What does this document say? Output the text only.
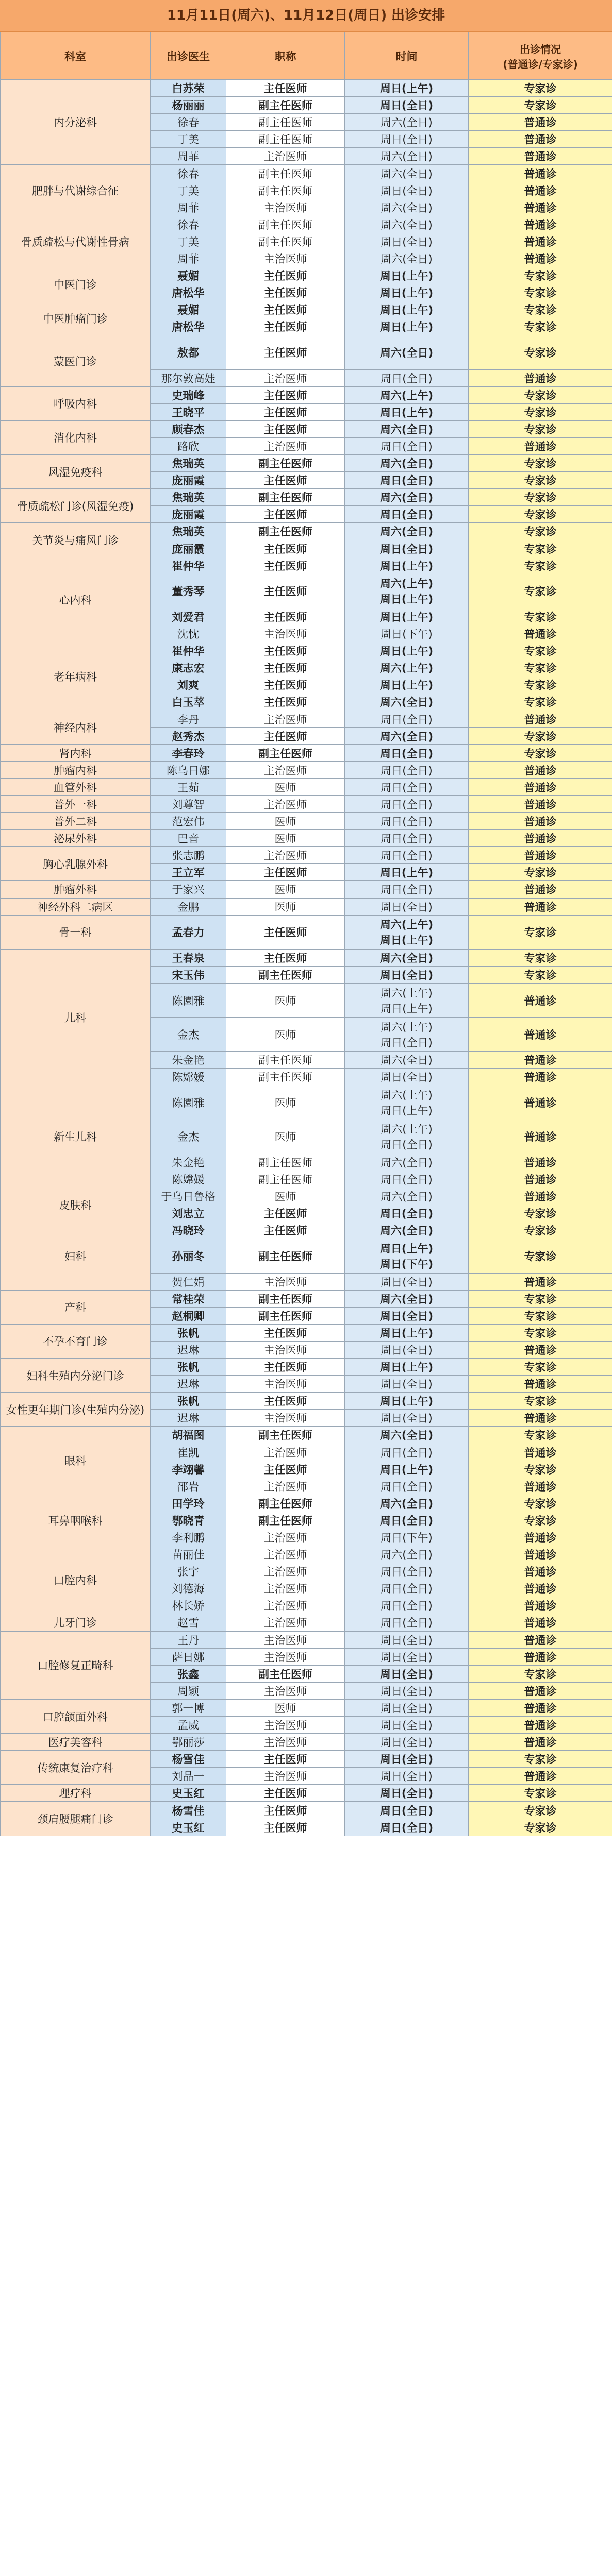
11月11日(周六)、11月12日(周日) 出诊安排
科室	出诊医生	职称	时间	出诊情况
(普通诊/专家诊)
内分泌科	白苏荣	主任医师	周日(上午)	专家诊
	杨丽丽	副主任医师	周日(全日)	专家诊
	徐春	副主任医师	周六(全日)	普通诊
	丁美	副主任医师	周日(全日)	普通诊
	周菲	主治医师	周六(全日)	普通诊
肥胖与代谢综合征	徐春	副主任医师	周六(全日)	普通诊
	丁美	副主任医师	周日(全日)	普通诊
	周菲	主治医师	周六(全日)	普通诊
骨质疏松与代谢性骨病	徐春	副主任医师	周六(全日)	普通诊
	丁美	副主任医师	周日(全日)	普通诊
	周菲	主治医师	周六(全日)	普通诊
中医门诊	聂媚	主任医师	周日(上午)	专家诊
	唐松华	主任医师	周日(上午)	专家诊
中医肿瘤门诊	聂媚	主任医师	周日(上午)	专家诊
	唐松华	主任医师	周日(上午)	专家诊
蒙医门诊	敖都	主任医师	周六(全日)	专家诊
	那尔敦高娃	主治医师	周日(全日)	普通诊
呼吸内科	史瑞峰	主任医师	周六(上午)	专家诊
	王晓平	主任医师	周日(上午)	专家诊
消化内科	顾春杰	主任医师	周六(全日)	专家诊
	路欣	主治医师	周日(全日)	普通诊
风湿免疫科	焦瑞英	副主任医师	周六(全日)	专家诊
	庞丽霞	主任医师	周日(全日)	专家诊
骨质疏松门诊(风湿免疫)	焦瑞英	副主任医师	周六(全日)	专家诊
	庞丽霞	主任医师	周日(全日)	专家诊
关节炎与痛风门诊	焦瑞英	副主任医师	周六(全日)	专家诊
	庞丽霞	主任医师	周日(全日)	专家诊
心内科	崔仲华	主任医师	周日(上午)	专家诊
	董秀琴	主任医师	周六(上午)
周日(上午)	专家诊
	刘爱君	主任医师	周日(上午)	专家诊
	沈忱	主治医师	周日(下午)	普通诊
老年病科	崔仲华	主任医师	周日(上午)	专家诊
	康志宏	主任医师	周六(上午)	专家诊
	刘爽	主任医师	周日(上午)	专家诊
	白玉萃	主任医师	周六(全日)	专家诊
神经内科	李丹	主治医师	周日(全日)	普通诊
	赵秀杰	主任医师	周六(全日)	专家诊
肾内科	李春玲	副主任医师	周日(全日)	专家诊
肿瘤内科	陈乌日娜	主治医师	周日(全日)	普通诊
血管外科	王茹	医师	周日(全日)	普通诊
普外一科	刘尊智	主治医师	周日(全日)	普通诊
普外二科	范宏伟	医师	周日(全日)	普通诊
泌尿外科	巴音	医师	周日(全日)	普通诊
胸心乳腺外科	张志鹏	主治医师	周日(全日)	普通诊
	王立军	主任医师	周日(上午)	专家诊
肿瘤外科	于家兴	医师	周日(全日)	普通诊
神经外科二病区	金鹏	医师	周日(全日)	普通诊
骨一科	孟春力	主任医师	周六(上午)
周日(上午)	专家诊
儿科	王春泉	主任医师	周六(全日)	专家诊
	宋玉伟	副主任医师	周日(全日)	专家诊
	陈園雅	医师	周六(上午)
周日(上午)	普通诊
	金杰	医师	周六(上午)
周日(全日)	普通诊
	朱金艳	副主任医师	周六(全日)	普通诊
	陈嫦媛	副主任医师	周日(全日)	普通诊
新生儿科	陈園雅	医师	周六(上午)
周日(上午)	普通诊
	金杰	医师	周六(上午)
周日(全日)	普通诊
	朱金艳	副主任医师	周六(全日)	普通诊
	陈嫦媛	副主任医师	周日(全日)	普通诊
皮肤科	于乌日鲁格	医师	周六(全日)	普通诊
	刘忠立	主任医师	周日(全日)	专家诊
妇科	冯晓玲	主任医师	周六(全日)	专家诊
	孙丽冬	副主任医师	周日(上午)
周日(下午)	专家诊
	贺仁娟	主治医师	周日(全日)	普通诊
产科	常桂荣	副主任医师	周六(全日)	专家诊
	赵桐卿	副主任医师	周日(全日)	专家诊
不孕不育门诊	张帆	主任医师	周日(上午)	专家诊
	迟琳	主治医师	周日(全日)	普通诊
妇科生殖内分泌门诊	张帆	主任医师	周日(上午)	专家诊
	迟琳	主治医师	周日(全日)	普通诊
女性更年期门诊(生殖内分泌)	张帆	主任医师	周日(上午)	专家诊
	迟琳	主治医师	周日(全日)	普通诊
眼科	胡福图	副主任医师	周六(全日)	专家诊
	崔凯	主治医师	周日(全日)	普通诊
	李翊馨	主任医师	周日(上午)	专家诊
	邵岩	主治医师	周日(全日)	普通诊
耳鼻咽喉科	田学玲	副主任医师	周六(全日)	专家诊
	鄂晓青	副主任医师	周日(全日)	专家诊
	李利鹏	主治医师	周日(下午)	普通诊
口腔内科	苗丽佳	主治医师	周六(全日)	普通诊
	张宇	主治医师	周日(全日)	普通诊
	刘德海	主治医师	周日(全日)	普通诊
	林长娇	主治医师	周日(全日)	普通诊
儿牙门诊	赵雪	主治医师	周日(全日)	普通诊
口腔修复正畸科	王丹	主治医师	周日(全日)	普通诊
	萨日娜	主治医师	周日(全日)	普通诊
	张鑫	副主任医师	周日(全日)	专家诊
	周颖	主治医师	周日(全日)	普通诊
口腔颌面外科	郭一博	医师	周日(全日)	普通诊
	孟威	主治医师	周日(全日)	普通诊
医疗美容科	鄂丽莎	主治医师	周日(全日)	普通诊
传统康复治疗科	杨雪佳	主任医师	周日(全日)	专家诊
	刘晶一	主治医师	周日(全日)	普通诊
理疗科	史玉红	主任医师	周日(全日)	专家诊
颈肩腰腿痛门诊	杨雪佳	主任医师	周日(全日)	专家诊
	史玉红	主任医师	周日(全日)	专家诊
